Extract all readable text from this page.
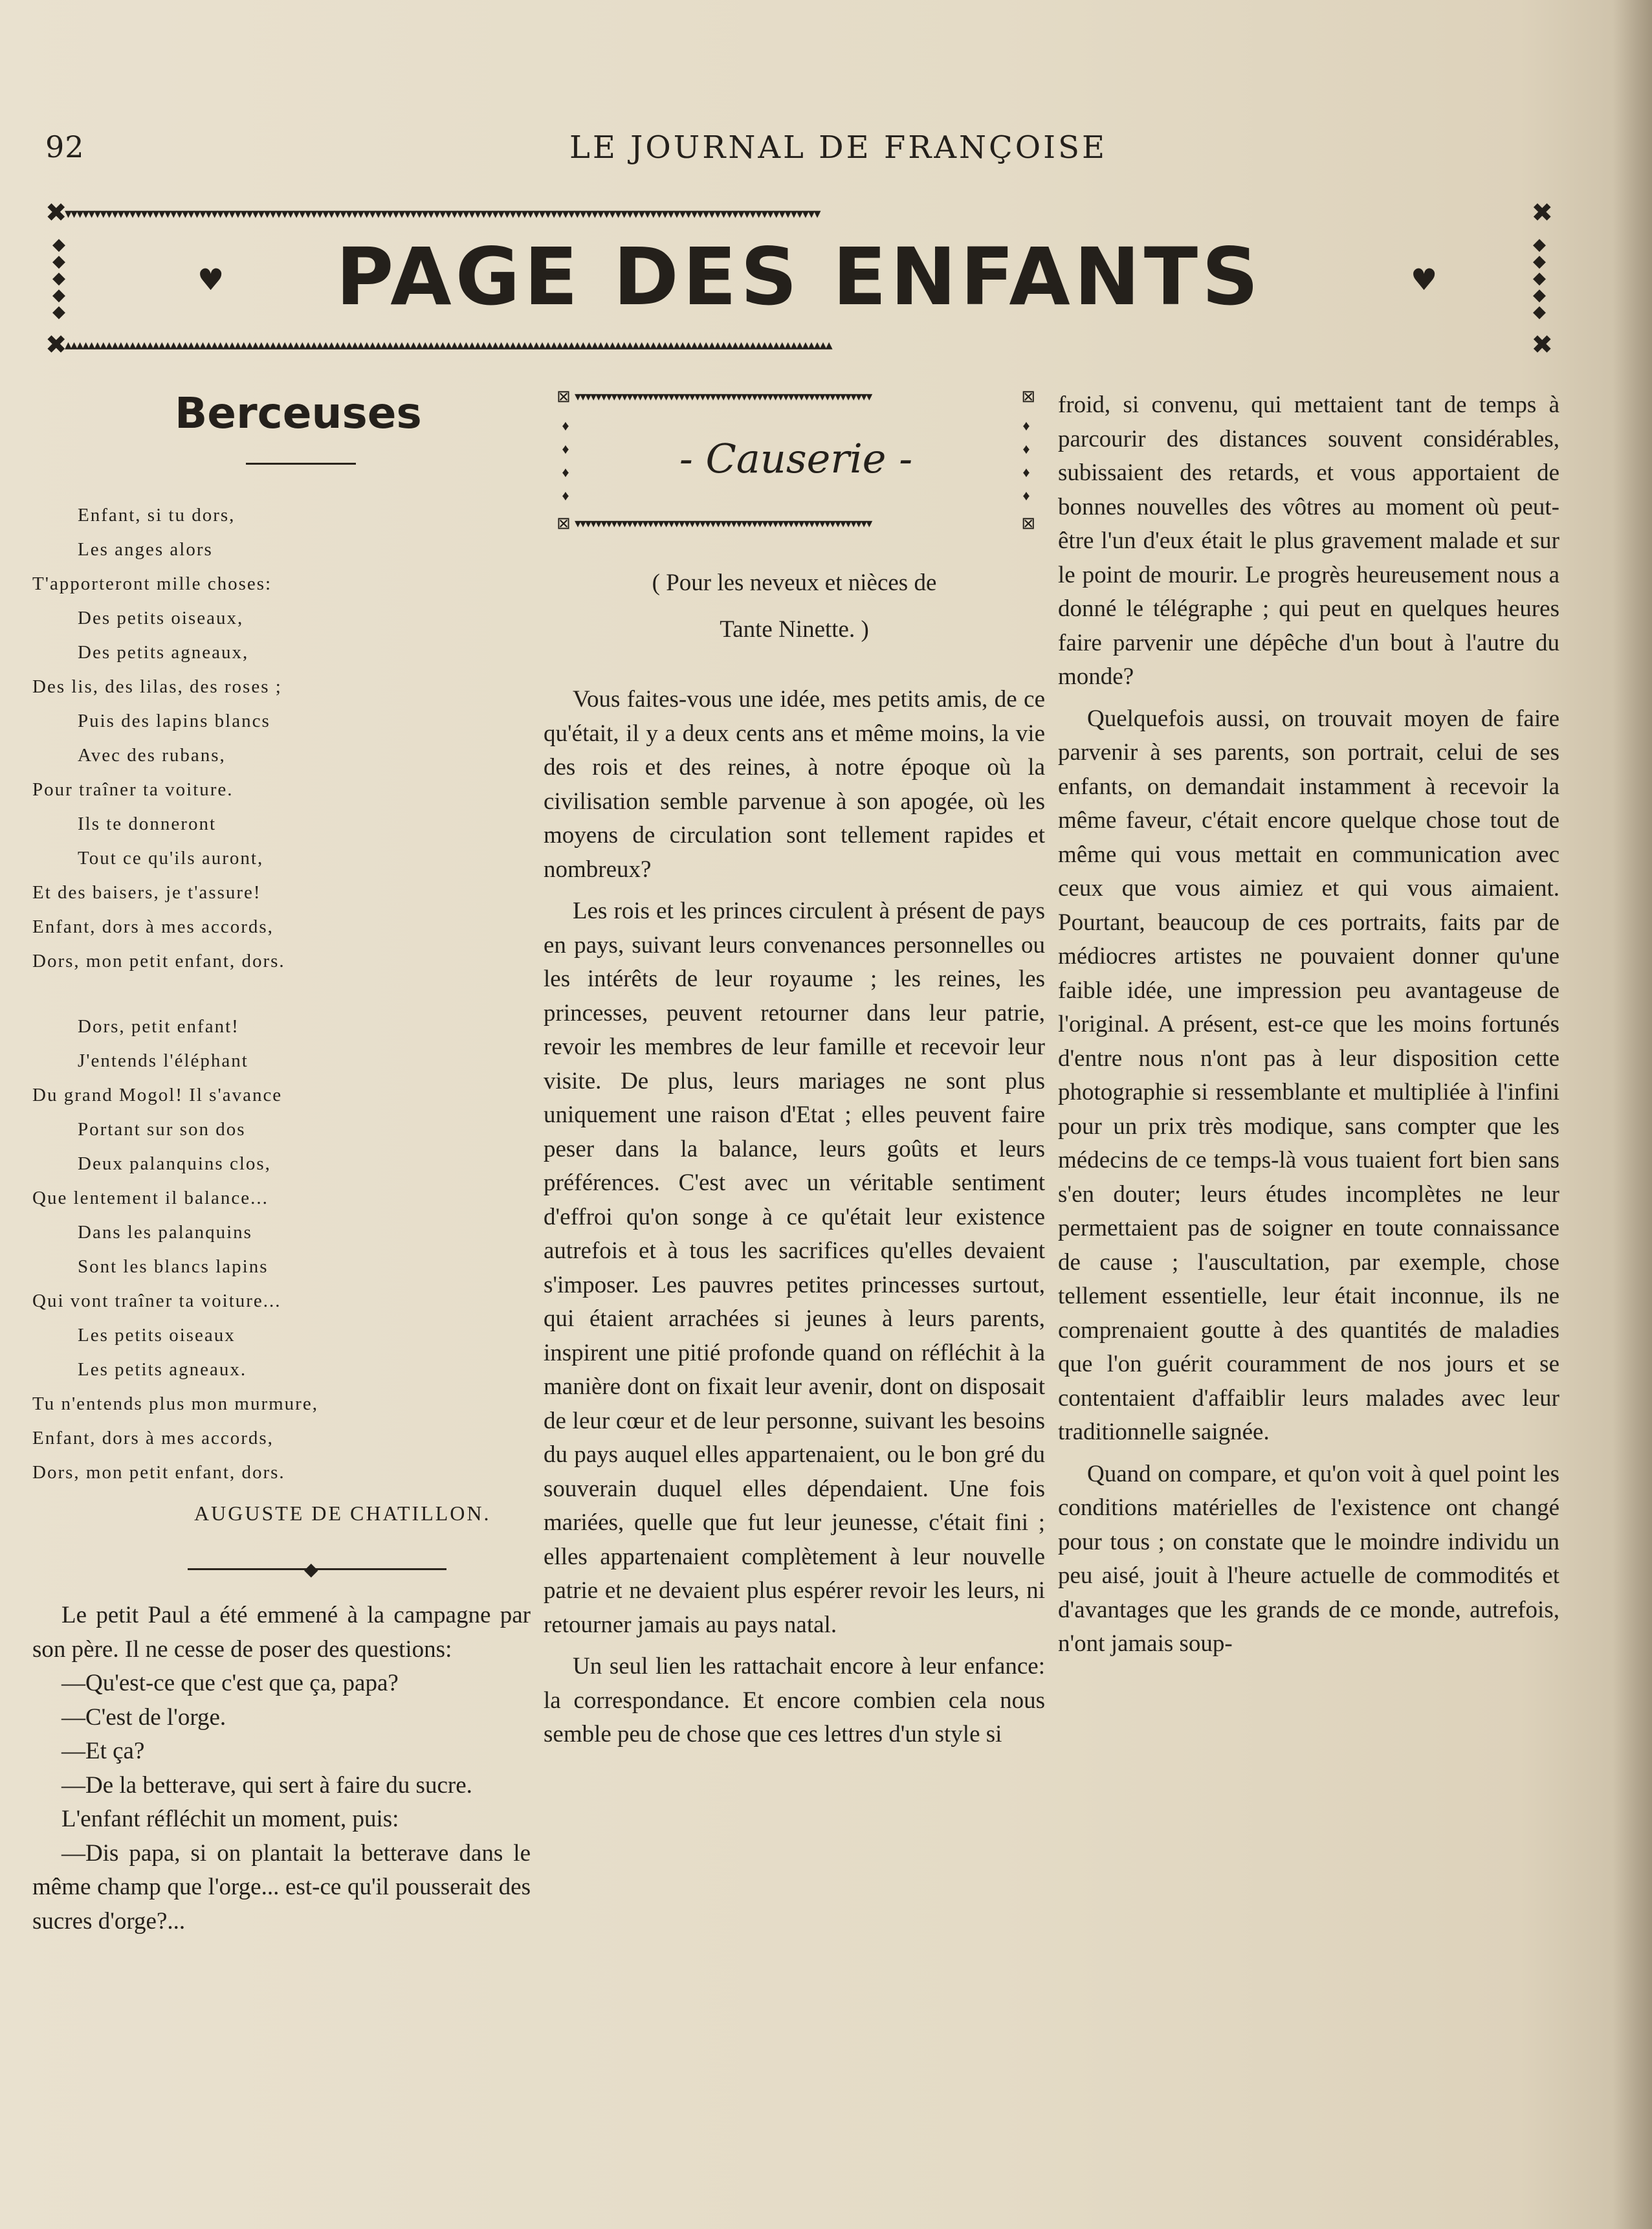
92	LE JOURNAL DE FRANÇOISE
▾▾▾▾▾▾▾▾▾▾▾▾▾▾▾▾▾▾▾▾▾▾▾▾▾▾▾▾▾▾▾▾▾▾▾▾▾▾▾▾▾▾▾▾▾▾▾▾▾▾▾▾▾▾▾▾▾▾▾▾▾▾▾▾▾▾▾▾▾▾▾▾▾▾▾▾▾▾▾▾▾▾▾▾▾▾▾▾▾▾▾▾▾▾▾▾▾▾▾▾▾▾▾▾▾▾▾▾▾▾▾▾▾▾▾▾▾▾▾▾▾▾▾▾▾▾▾▾▾
▴▴▴▴▴▴▴▴▴▴▴▴▴▴▴▴▴▴▴▴▴▴▴▴▴▴▴▴▴▴▴▴▴▴▴▴▴▴▴▴▴▴▴▴▴▴▴▴▴▴▴▴▴▴▴▴▴▴▴▴▴▴▴▴▴▴▴▴▴▴▴▴▴▴▴▴▴▴▴▴▴▴▴▴▴▴▴▴▴▴▴▴▴▴▴▴▴▴▴▴▴▴▴▴▴▴▴▴▴▴▴▴▴▴▴▴▴▴▴▴▴▴▴▴▴▴▴▴▴▴▴
✖	✖
✖	✖
◆
◆
◆
◆
◆
◆
◆
◆
◆
◆
♥	PAGE DES ENFANTS	♥
Berceuses
Enfant, si tu dors,
Les anges alors
T'apporteront mille choses:
Des petits oiseaux,
Des petits agneaux,
Des lis, des lilas, des roses ;
Puis des lapins blancs
Avec des rubans,
Pour traîner ta voiture.
Ils te donneront
Tout ce qu'ils auront,
Et des baisers, je t'assure!
Enfant, dors à mes accords,
Dors, mon petit enfant, dors.
Dors, petit enfant!
J'entends l'éléphant
Du grand Mogol! Il s'avance
Portant sur son dos
Deux palanquins clos,
Que lentement il balance...
Dans les palanquins
Sont les blancs lapins
Qui vont traîner ta voiture...
Les petits oiseaux
Les petits agneaux.
Tu n'entends plus mon murmure,
Enfant, dors à mes accords,
Dors, mon petit enfant, dors.
AUGUSTE DE CHATILLON.
◆

Le petit Paul a été emmené à la campagne par son père. Il ne cesse de poser des questions:

—Qu'est-ce que c'est que ça, papa?

—C'est de l'orge.

—Et ça?

—De la betterave, qui sert à faire du sucre.

L'enfant réfléchit un moment, puis:

—Dis papa, si on plantait la betterave dans le même champ que l'orge... est-ce qu'il pousserait des sucres d'orge?...

▾▾▾▾▾▾▾▾▾▾▾▾▾▾▾▾▾▾▾▾▾▾▾▾▾▾▾▾▾▾▾▾▾▾▾▾▾▾▾▾▾▾▾▾▾▾▾▾▾▾▾▾▾▾▾▾▾
▾▾▾▾▾▾▾▾▾▾▾▾▾▾▾▾▾▾▾▾▾▾▾▾▾▾▾▾▾▾▾▾▾▾▾▾▾▾▾▾▾▾▾▾▾▾▾▾▾▾▾▾▾▾▾▾▾
⊠	⊠
⊠	⊠
♦
♦
♦
♦
♦
♦
♦
♦
- Causerie -
( Pour les neveux et nièces de
Tante Ninette. )

Vous faites-vous une idée, mes petits amis, de ce qu'était, il y a deux cents ans et même moins, la vie des rois et des reines, à notre époque où la civilisation semble parvenue à son apogée, où les moyens de circulation sont tellement rapides et nombreux?

Les rois et les princes circulent à présent de pays en pays, suivant leurs convenances personnelles ou les intérêts de leur royaume ; les reines, les princesses, peuvent retourner dans leur patrie, revoir les membres de leur famille et recevoir leur visite. De plus, leurs mariages ne sont plus uniquement une raison d'Etat ; elles peuvent faire peser dans la balance, leurs goûts et leurs préférences. C'est avec un véritable sentiment d'effroi qu'on songe à ce qu'était leur existence autrefois et à tous les sacrifices qu'elles devaient s'imposer. Les pauvres petites princesses surtout, qui étaient arrachées si jeunes à leurs parents, inspirent une pitié profonde quand on réfléchit à la manière dont on fixait leur avenir, dont on disposait de leur cœur et de leur personne, suivant les besoins du pays auquel elles appartenaient, ou le bon gré du souverain duquel elles dépendaient. Une fois mariées, quelle que fut leur jeunesse, c'était fini ; elles appartenaient complètement à leur nouvelle patrie et ne devaient plus espérer revoir les leurs, ni retourner jamais au pays natal.

Un seul lien les rattachait encore à leur enfance: la correspondance. Et encore combien cela nous semble peu de chose que ces lettres d'un style si

froid, si convenu, qui mettaient tant de temps à parcourir des distances souvent considérables, subissaient des retards, et vous apportaient de bonnes nouvelles des vôtres au moment où peut-être l'un d'eux était le plus gravement malade et sur le point de mourir. Le progrès heureusement nous a donné le télégraphe ; qui peut en quelques heures faire parvenir une dépêche d'un bout à l'autre du monde?

Quelquefois aussi, on trouvait moyen de faire parvenir à ses parents, son portrait, celui de ses enfants, on demandait instamment à recevoir la même faveur, c'était encore quelque chose tout de même qui vous mettait en communication avec ceux que vous aimiez et qui vous aimaient. Pourtant, beaucoup de ces portraits, faits par de médiocres artistes ne pouvaient donner qu'une faible idée, une impression peu avantageuse de l'original. A présent, est-ce que les moins fortunés d'entre nous n'ont pas à leur disposition cette photographie si ressemblante et multipliée à l'infini pour un prix très modique, sans compter que les médecins de ce temps-là vous tuaient fort bien sans s'en douter; leurs études incomplètes ne leur permettaient pas de soigner en toute connaissance de cause ; l'auscultation, par exemple, chose tellement essentielle, leur était inconnue, ils ne comprenaient goutte à des quantités de maladies que l'on guérit couramment de nos jours et se contentaient d'affaiblir leurs malades avec leur traditionnelle saignée.

Quand on compare, et qu'on voit à quel point les conditions matérielles de l'existence ont changé pour tous ; on constate que le moindre individu un peu aisé, jouit à l'heure actuelle de commodités et d'avantages que les grands de ce monde, autrefois, n'ont jamais soup-
